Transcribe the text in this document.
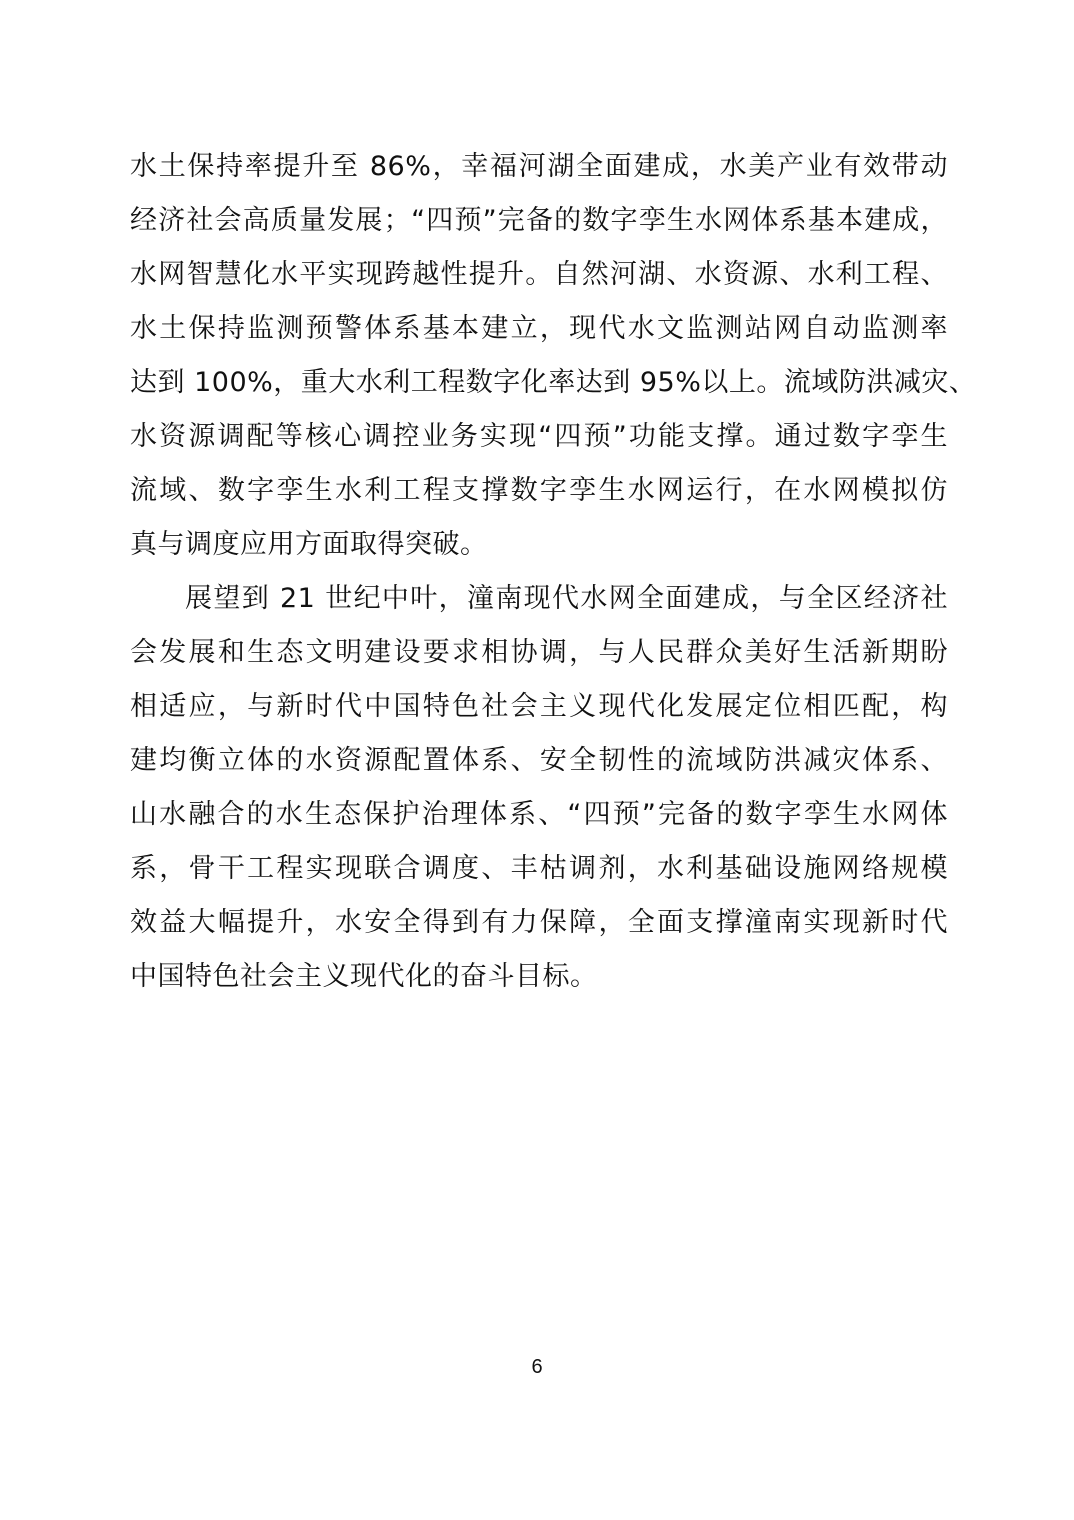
水土保持率提升至 86%，幸福河湖全面建成，水美产业有效带动
经济社会高质量发展；“四预”完备的数字孪生水网体系基本建成，
水网智慧化水平实现跨越性提升。自然河湖、水资源、水利工程、
水土保持监测预警体系基本建立，现代水文监测站网自动监测率
达到 100%，重大水利工程数字化率达到 95%以上。流域防洪减灾、
水资源调配等核心调控业务实现“四预”功能支撑。通过数字孪生
流域、数字孪生水利工程支撑数字孪生水网运行，在水网模拟仿
真与调度应用方面取得突破。
展望到 21 世纪中叶，潼南现代水网全面建成，与全区经济社
会发展和生态文明建设要求相协调，与人民群众美好生活新期盼
相适应，与新时代中国特色社会主义现代化发展定位相匹配，构
建均衡立体的水资源配置体系、安全韧性的流域防洪减灾体系、
山水融合的水生态保护治理体系、“四预”完备的数字孪生水网体
系，骨干工程实现联合调度、丰枯调剂，水利基础设施网络规模
效益大幅提升，水安全得到有力保障，全面支撑潼南实现新时代
中国特色社会主义现代化的奋斗目标。
6
